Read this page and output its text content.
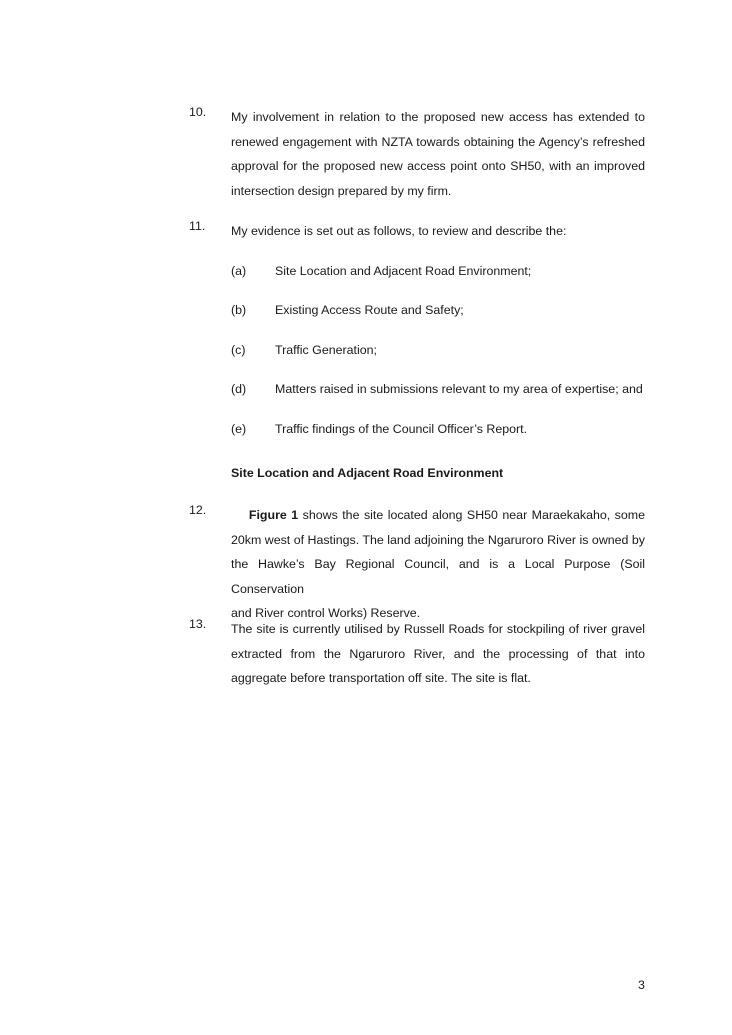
10. My involvement in relation to the proposed new access has extended to
renewed engagement with NZTA towards obtaining the Agency’s refreshed
approval for the proposed new access point onto SH50, with an improved
intersection design prepared by my firm.
11. My evidence is set out as follows, to review and describe the:
(a) Site Location and Adjacent Road Environment;
(b) Existing Access Route and Safety;
(c) Traffic Generation;
(d) Matters raised in submissions relevant to my area of expertise; and
(e) Traffic findings of the Council Officer’s Report.
Site Location and Adjacent Road Environment
12.	Figure 1 shows the site located along SH50 near Maraekakaho, some
20km west of Hastings. The land adjoining the Ngaruroro River is owned by
the Hawke’s Bay Regional Council, and is a Local Purpose (Soil Conservation
and River control Works) Reserve.
13. The site is currently utilised by Russell Roads for stockpiling of river gravel
extracted from the Ngaruroro River, and the processing of that into
aggregate before transportation off site. The site is flat.
3
